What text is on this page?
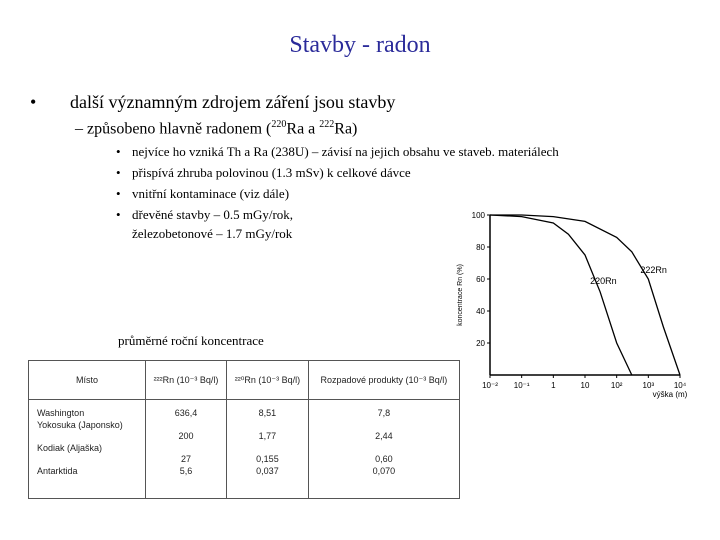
Stavby - radon
• další významným zdrojem záření jsou stavby
– způsobeno hlavně radonem ($^{220}$Ra a $^{222}$Ra)
• nejvíce ho vzniká Th a Ra (238U) – závisí na jejich obsahu ve staveb. materiálech
• přispívá zhruba polovinou (1.3 mSv) k celkové dávce
• vnitřní kontaminace (viz dále)
• dřevěné stavby – 0.5 mGy/rok,
železobetonové – 1.7 mGy/rok
průměrné roční koncentrace
Místo	²²²Rn (10⁻³ Bq/l)	²²⁰Rn (10⁻³ Bq/l)	Rozpadové produkty (10⁻³ Bq/l)
Washington	636,4	8,51	7,8
Yokosuka (Japonsko)	200	1,77	2,44
Kodiak (Aljaška)	27	0,155	0,60
Antarktida	5,6	0,037	0,070
20
40
60
80
100
10⁻² 10⁻¹	1	10	10²	10³ 10⁴
koncentrace Rn (%)
výška (m)
222Rn
220Rn
